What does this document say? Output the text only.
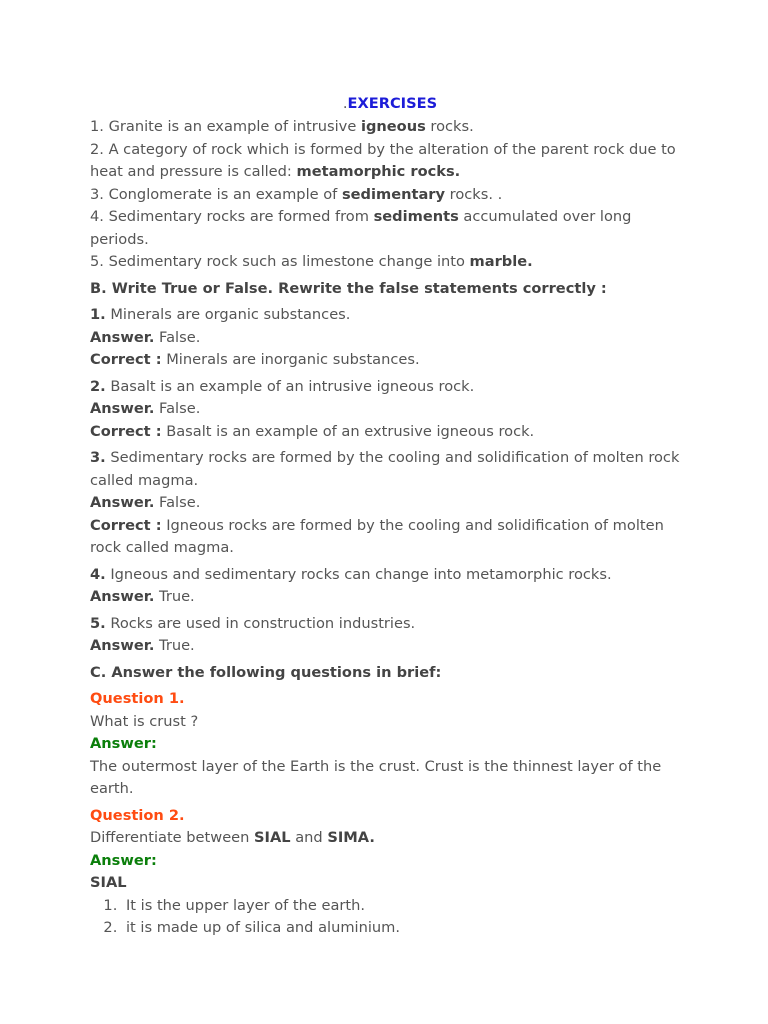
.EXERCISES
1. Granite is an example of intrusive igneous rocks.
2. A category of rock which is formed by the alteration of the parent rock due to heat and pressure is called: metamorphic rocks.
3. Conglomerate is an example of sedimentary rocks. .
4. Sedimentary rocks are formed from sediments accumulated over long periods.
5. Sedimentary rock such as limestone change into marble.
B. Write True or False. Rewrite the false statements correctly :
1. Minerals are organic substances.
Answer. False.
Correct : Minerals are inorganic substances.
2. Basalt is an example of an intrusive igneous rock.
Answer. False.
Correct : Basalt is an example of an extrusive igneous rock.
3. Sedimentary rocks are formed by the cooling and solidification of molten rock called magma.
Answer. False.
Correct : Igneous rocks are formed by the cooling and solidification of molten rock called magma.
4. Igneous and sedimentary rocks can change into metamorphic rocks.
Answer. True.
5. Rocks are used in construction industries.
Answer. True.
C. Answer the following questions in brief:
Question 1.
What is crust ?
Answer:
The outermost layer of the Earth is the crust. Crust is the thinnest layer of the earth.
Question 2.
Differentiate between SIAL and SIMA.
Answer:
SIAL
1. It is the upper layer of the earth.
2. it is made up of silica and aluminium.
